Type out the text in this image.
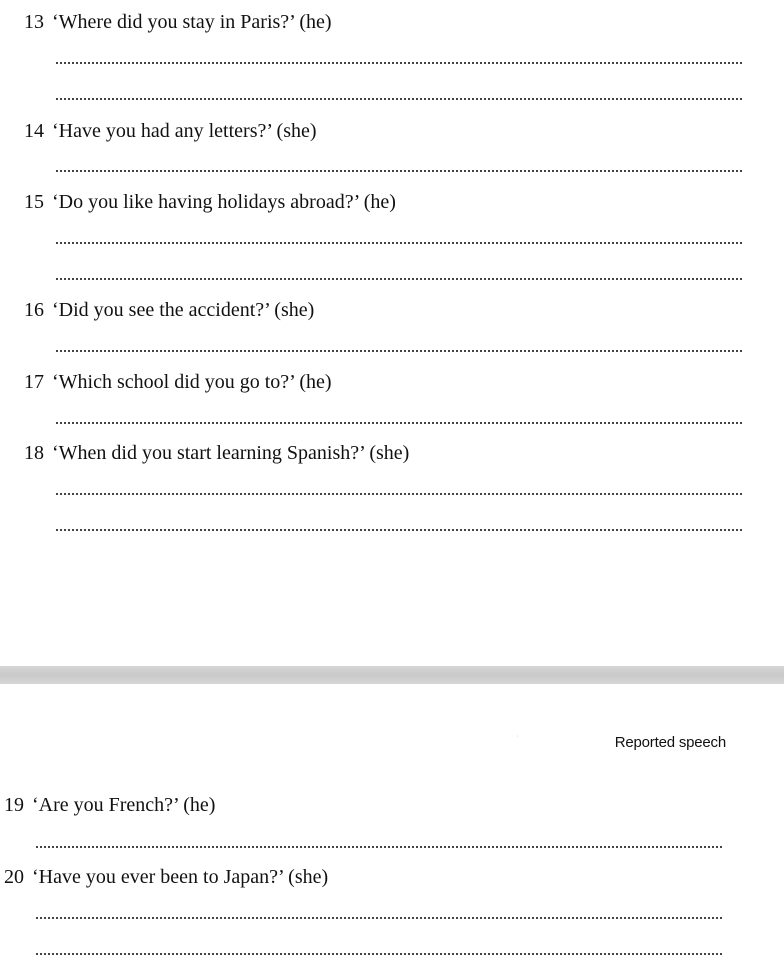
13 ‘Where did you stay in Paris?’ (he)
14 ‘Have you had any letters?’ (she)
15 ‘Do you like having holidays abroad?’ (he)
16 ‘Did you see the accident?’ (she)
17 ‘Which school did you go to?’ (he)
18 ‘When did you start learning Spanish?’ (she)
·	Reported speech
19 ‘Are you French?’ (he)
20 ‘Have you ever been to Japan?’ (she)
